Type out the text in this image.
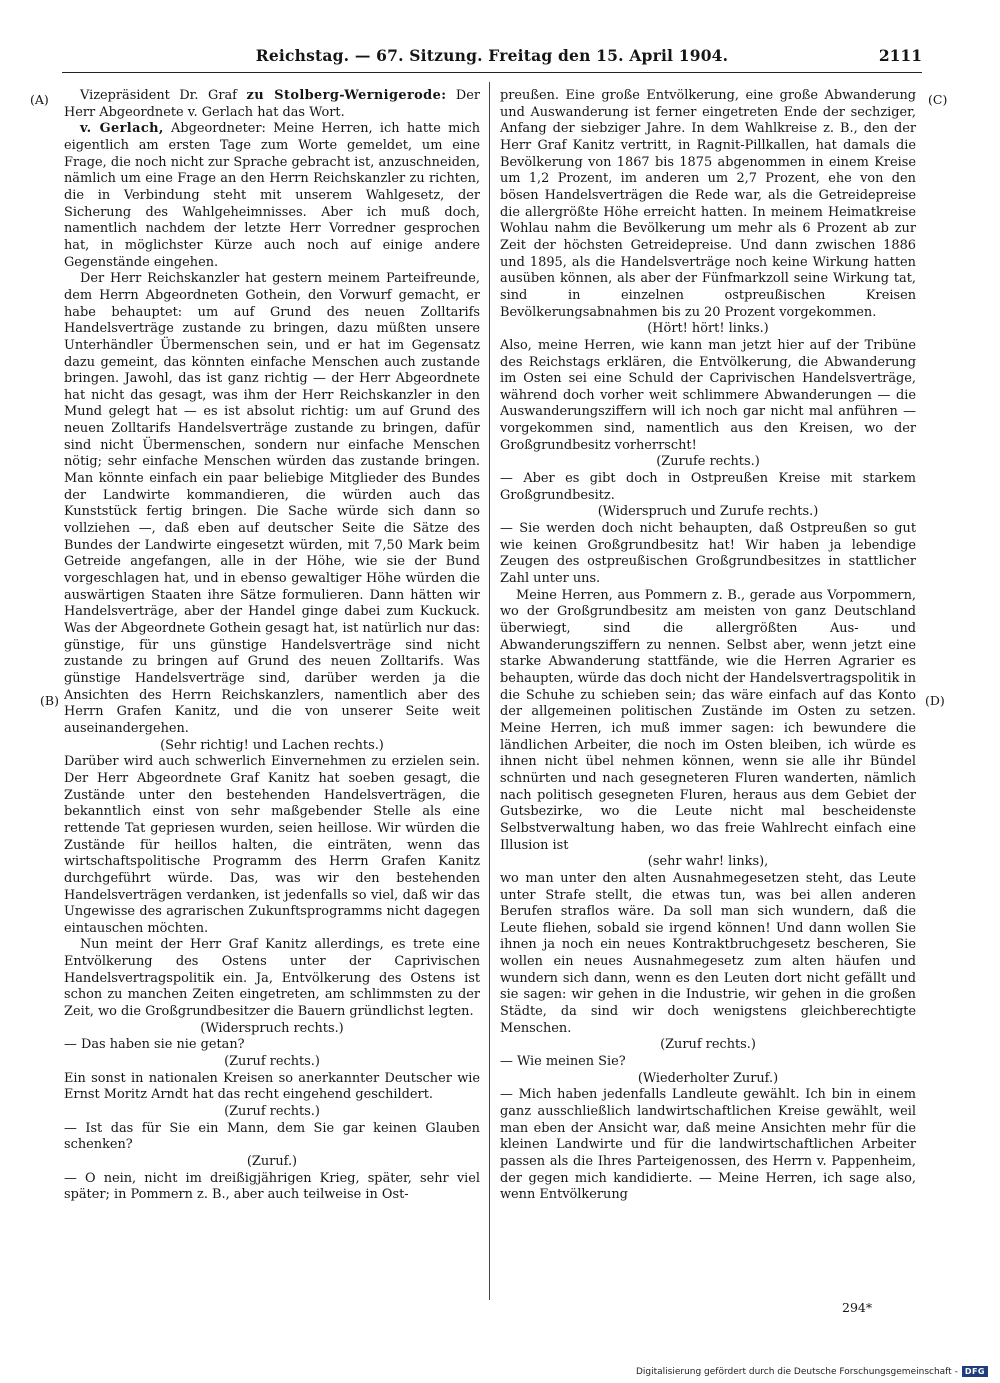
Reichstag. — 67. Sitzung. Freitag den 15. April 1904.	2111
(A)
(B)
(C)
(D)

Vizepräsident Dr. Graf zu Stolberg-Wernigerode: Der Herr Abgeordnete v. Gerlach hat das Wort.

v. Gerlach, Abgeordneter: Meine Herren, ich hatte mich eigentlich am ersten Tage zum Worte gemeldet, um eine Frage, die noch nicht zur Sprache gebracht ist, anzuschneiden, nämlich um eine Frage an den Herrn Reichskanzler zu richten, die in Verbindung steht mit unserem Wahlgesetz, der Sicherung des Wahlgeheimnisses. Aber ich muß doch, namentlich nachdem der letzte Herr Vorredner gesprochen hat, in möglichster Kürze auch noch auf einige andere Gegenstände eingehen.

Der Herr Reichskanzler hat gestern meinem Parteifreunde, dem Herrn Abgeordneten Gothein, den Vorwurf gemacht, er habe behauptet: um auf Grund des neuen Zolltarifs Handelsverträge zustande zu bringen, dazu müßten unsere Unterhändler Übermenschen sein, und er hat im Gegensatz dazu gemeint, das könnten einfache Menschen auch zustande bringen. Jawohl, das ist ganz richtig — der Herr Abgeordnete hat nicht das gesagt, was ihm der Herr Reichskanzler in den Mund gelegt hat — es ist absolut richtig: um auf Grund des neuen Zolltarifs Handelsverträge zustande zu bringen, dafür sind nicht Übermenschen, sondern nur einfache Menschen nötig; sehr einfache Menschen würden das zustande bringen. Man könnte einfach ein paar beliebige Mitglieder des Bundes der Landwirte kommandieren, die würden auch das Kunststück fertig bringen. Die Sache würde sich dann so vollziehen —, daß eben auf deutscher Seite die Sätze des Bundes der Landwirte eingesetzt würden, mit 7,50 Mark beim Getreide angefangen, alle in der Höhe, wie sie der Bund vorgeschlagen hat, und in ebenso gewaltiger Höhe würden die auswärtigen Staaten ihre Sätze formulieren. Dann hätten wir Handelsverträge, aber der Handel ginge dabei zum Kuckuck. Was der Abgeordnete Gothein gesagt hat, ist natürlich nur das: günstige, für uns günstige Handelsverträge sind nicht zustande zu bringen auf Grund des neuen Zolltarifs. Was günstige Handelsverträge sind, darüber werden ja die Ansichten des Herrn Reichskanzlers, namentlich aber des Herrn Grafen Kanitz, und die von unserer Seite weit auseinandergehen.

(Sehr richtig! und Lachen rechts.)

Darüber wird auch schwerlich Einvernehmen zu erzielen sein. Der Herr Abgeordnete Graf Kanitz hat soeben gesagt, die Zustände unter den bestehenden Handelsverträgen, die bekanntlich einst von sehr maßgebender Stelle als eine rettende Tat gepriesen wurden, seien heillose. Wir würden die Zustände für heillos halten, die einträten, wenn das wirtschaftspolitische Programm des Herrn Grafen Kanitz durchgeführt würde. Das, was wir den bestehenden Handelsverträgen verdanken, ist jedenfalls so viel, daß wir das Ungewisse des agrarischen Zukunftsprogramms nicht dagegen eintauschen möchten.

Nun meint der Herr Graf Kanitz allerdings, es trete eine Entvölkerung des Ostens unter der Caprivischen Handelsvertragspolitik ein. Ja, Entvölkerung des Ostens ist schon zu manchen Zeiten eingetreten, am schlimmsten zu der Zeit, wo die Großgrundbesitzer die Bauern gründlichst legten.

(Widerspruch rechts.)

— Das haben sie nie getan?

(Zuruf rechts.)

Ein sonst in nationalen Kreisen so anerkannter Deutscher wie Ernst Moritz Arndt hat das recht eingehend geschildert.

(Zuruf rechts.)

— Ist das für Sie ein Mann, dem Sie gar keinen Glauben schenken?

(Zuruf.)

— O nein, nicht im dreißigjährigen Krieg, später, sehr viel später; in Pommern z. B., aber auch teilweise in Ost-

preußen. Eine große Entvölkerung, eine große Abwanderung und Auswanderung ist ferner eingetreten Ende der sechziger, Anfang der siebziger Jahre. In dem Wahlkreise z. B., den der Herr Graf Kanitz vertritt, in Ragnit-Pillkallen, hat damals die Bevölkerung von 1867 bis 1875 abgenommen in einem Kreise um 1,2 Prozent, im anderen um 2,7 Prozent, ehe von den bösen Handelsverträgen die Rede war, als die Getreidepreise die allergrößte Höhe erreicht hatten. In meinem Heimatkreise Wohlau nahm die Bevölkerung um mehr als 6 Prozent ab zur Zeit der höchsten Getreidepreise. Und dann zwischen 1886 und 1895, als die Handelsverträge noch keine Wirkung hatten ausüben können, als aber der Fünfmarkzoll seine Wirkung tat, sind in einzelnen ostpreußischen Kreisen Bevölkerungsabnahmen bis zu 20 Prozent vorgekommen.

(Hört! hört! links.)

Also, meine Herren, wie kann man jetzt hier auf der Tribüne des Reichstags erklären, die Entvölkerung, die Abwanderung im Osten sei eine Schuld der Caprivischen Handelsverträge, während doch vorher weit schlimmere Abwanderungen — die Auswanderungsziffern will ich noch gar nicht mal anführen — vorgekommen sind, namentlich aus den Kreisen, wo der Großgrundbesitz vorherrscht!

(Zurufe rechts.)

— Aber es gibt doch in Ostpreußen Kreise mit starkem Großgrundbesitz.

(Widerspruch und Zurufe rechts.)

— Sie werden doch nicht behaupten, daß Ostpreußen so gut wie keinen Großgrundbesitz hat! Wir haben ja lebendige Zeugen des ostpreußischen Großgrundbesitzes in stattlicher Zahl unter uns.

Meine Herren, aus Pommern z. B., gerade aus Vorpommern, wo der Großgrundbesitz am meisten von ganz Deutschland überwiegt, sind die allergrößten Aus- und Abwanderungsziffern zu nennen. Selbst aber, wenn jetzt eine starke Abwanderung stattfände, wie die Herren Agrarier es behaupten, würde das doch nicht der Handelsvertragspolitik in die Schuhe zu schieben sein; das wäre einfach auf das Konto der allgemeinen politischen Zustände im Osten zu setzen. Meine Herren, ich muß immer sagen: ich bewundere die ländlichen Arbeiter, die noch im Osten bleiben, ich würde es ihnen nicht übel nehmen können, wenn sie alle ihr Bündel schnürten und nach gesegneteren Fluren wanderten, nämlich nach politisch gesegneten Fluren, heraus aus dem Gebiet der Gutsbezirke, wo die Leute nicht mal bescheidenste Selbstverwaltung haben, wo das freie Wahlrecht einfach eine Illusion ist

(sehr wahr! links),

wo man unter den alten Ausnahmegesetzen steht, das Leute unter Strafe stellt, die etwas tun, was bei allen anderen Berufen straflos wäre. Da soll man sich wundern, daß die Leute fliehen, sobald sie irgend können! Und dann wollen Sie ihnen ja noch ein neues Kontraktbruchgesetz bescheren, Sie wollen ein neues Ausnahmegesetz zum alten häufen und wundern sich dann, wenn es den Leuten dort nicht gefällt und sie sagen: wir gehen in die Industrie, wir gehen in die großen Städte, da sind wir doch wenigstens gleichberechtigte Menschen.

(Zuruf rechts.)

— Wie meinen Sie?

(Wiederholter Zuruf.)

— Mich haben jedenfalls Landleute gewählt. Ich bin in einem ganz ausschließlich landwirtschaftlichen Kreise gewählt, weil man eben der Ansicht war, daß meine Ansichten mehr für die kleinen Landwirte und für die landwirtschaftlichen Arbeiter passen als die Ihres Parteigenossen, des Herrn v. Pappenheim, der gegen mich kandidierte. — Meine Herren, ich sage also, wenn Entvölkerung

294*
Digitalisierung gefördert durch die Deutsche Forschungsgemeinschaft - DFG
